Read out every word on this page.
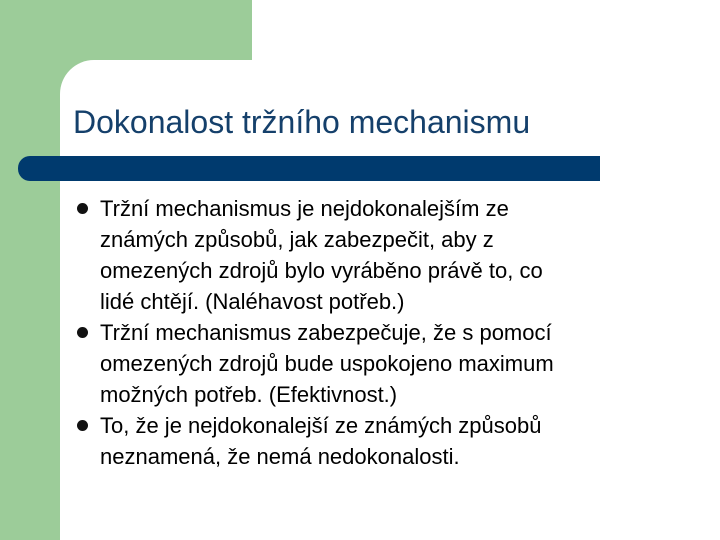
Dokonalost tržního mechanismu
Tržní mechanismus je nejdokonalejším ze
známých způsobů, jak zabezpečit, aby z
omezených zdrojů bylo vyráběno právě to, co
lidé chtějí. (Naléhavost potřeb.)
Tržní mechanismus zabezpečuje, že s pomocí
omezených zdrojů bude uspokojeno maximum
možných potřeb. (Efektivnost.)
To, že je nejdokonalejší ze známých způsobů
neznamená, že nemá nedokonalosti.
